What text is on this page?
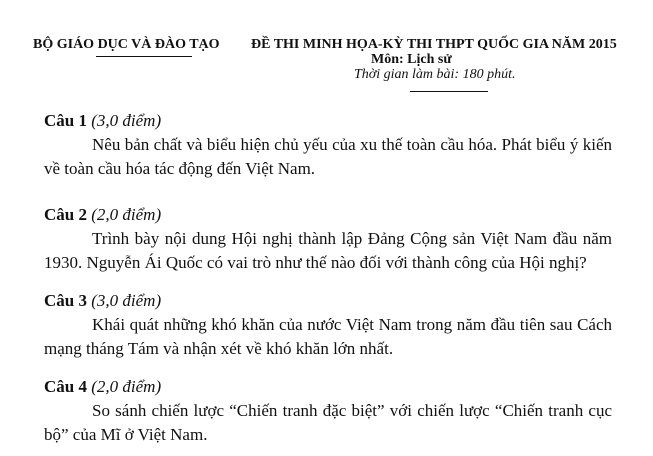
BỘ GIÁO DỤC VÀ ĐÀO TẠO ĐỀ THI MINH HỌA-KỲ THI THPT QUỐC GIA NĂM 2015
Môn: Lịch sử
Thời gian làm bài: 180 phút.
Câu 1 (3,0 điểm)
Nêu bản chất và biểu hiện chủ yếu của xu thế toàn cầu hóa. Phát biểu ý kiến về toàn cầu hóa tác động đến Việt Nam.
Câu 2 (2,0 điểm)
Trình bày nội dung Hội nghị thành lập Đảng Cộng sản Việt Nam đầu năm 1930. Nguyễn Ái Quốc có vai trò như thế nào đối với thành công của Hội nghị?
Câu 3 (3,0 điểm)
Khái quát những khó khăn của nước Việt Nam trong năm đầu tiên sau Cách mạng tháng Tám và nhận xét về khó khăn lớn nhất.
Câu 4 (2,0 điểm)
So sánh chiến lược “Chiến tranh đặc biệt” với chiến lược “Chiến tranh cục bộ” của Mĩ ở Việt Nam.
